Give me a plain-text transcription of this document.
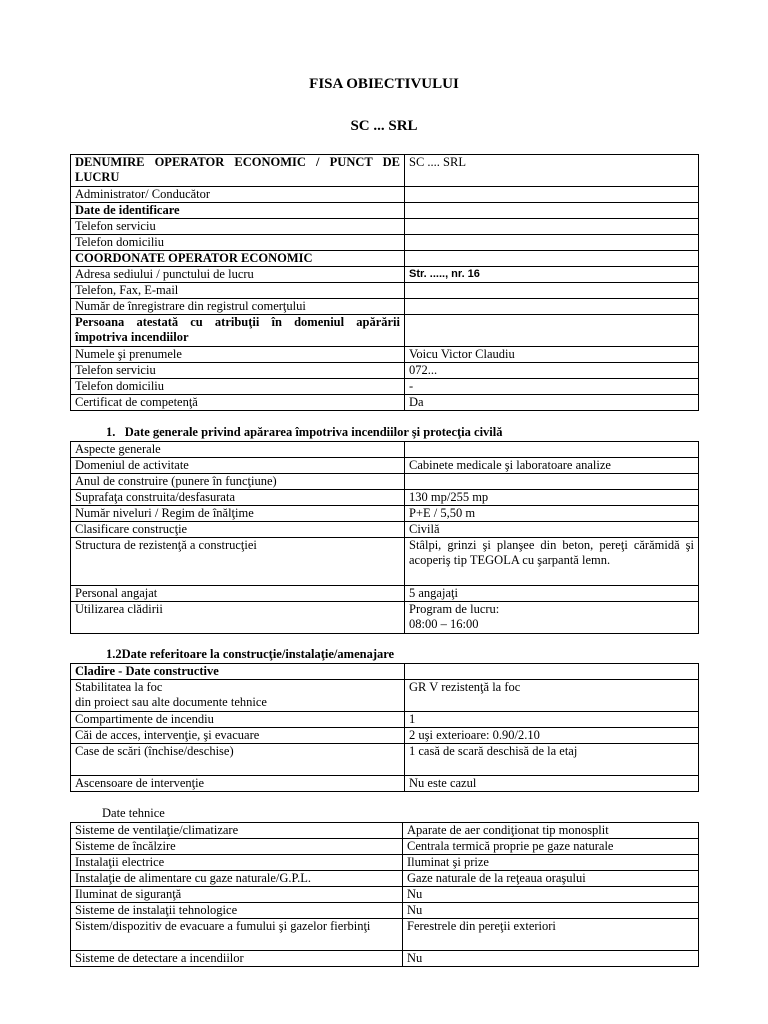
FISA OBIECTIVULUI
SC ... SRL
DENUMIRE OPERATOR ECONOMIC / PUNCT DE LUCRU	SC .... SRL
Administrator/ Conducător	
Date de identificare	
Telefon serviciu	
Telefon domiciliu	
COORDONATE OPERATOR ECONOMIC	
Adresa sediului / punctului de lucru	Str. ....., nr. 16
Telefon, Fax, E-mail	
Număr de înregistrare din registrul comerţului	
Persoana atestată cu atribuţii în domeniul apărării împotriva incendiilor	
Numele şi prenumele	Voicu Victor Claudiu
Telefon serviciu	072...
Telefon domiciliu	-
Certificat de competenţă	Da
1. Date generale privind apărarea împotriva incendiilor şi protecţia civilă
Aspecte generale	
Domeniul de activitate	Cabinete medicale şi laboratoare analize
Anul de construire (punere în funcţiune)	
Suprafaţa construita/desfasurata	130 mp/255 mp
Număr niveluri / Regim de înălţime	P+E / 5,50 m
Clasificare construcţie	Civilă
Structura de rezistenţă a construcţiei	Stâlpi, grinzi şi planşee din beton, pereţi cărămidă şi acoperiş tip TEGOLA cu şarpantă lemn.
Personal angajat	5 angajaţi
Utilizarea clădirii	Program de lucru:
08:00 – 16:00
1.2Date referitoare la construcţie/instalaţie/amenajare
Cladire - Date constructive	

Stabilitatea la foc
din proiect sau alte documente tehnice	GR V rezistenţă la foc
Compartimente de incendiu	1
Căi de acces, intervenţie, şi evacuare	2 uşi exterioare: 0.90/2.10
Case de scări (închise/deschise)	1 casă de scară deschisă de la etaj
Ascensoare de intervenţie	Nu este cazul
Date tehnice
Sisteme de ventilaţie/climatizare	Aparate de aer condiţionat tip monosplit
Sisteme de încălzire	Centrala termică proprie pe gaze naturale
Instalaţii electrice	Iluminat şi prize
Instalaţie de alimentare cu gaze naturale/G.P.L.	Gaze naturale de la reţeaua oraşului
Iluminat de siguranţă	Nu
Sisteme de instalaţii tehnologice	Nu
Sistem/dispozitiv de evacuare a fumului şi gazelor fierbinţi	Ferestrele din pereţii exteriori
Sisteme de detectare a incendiilor	Nu
